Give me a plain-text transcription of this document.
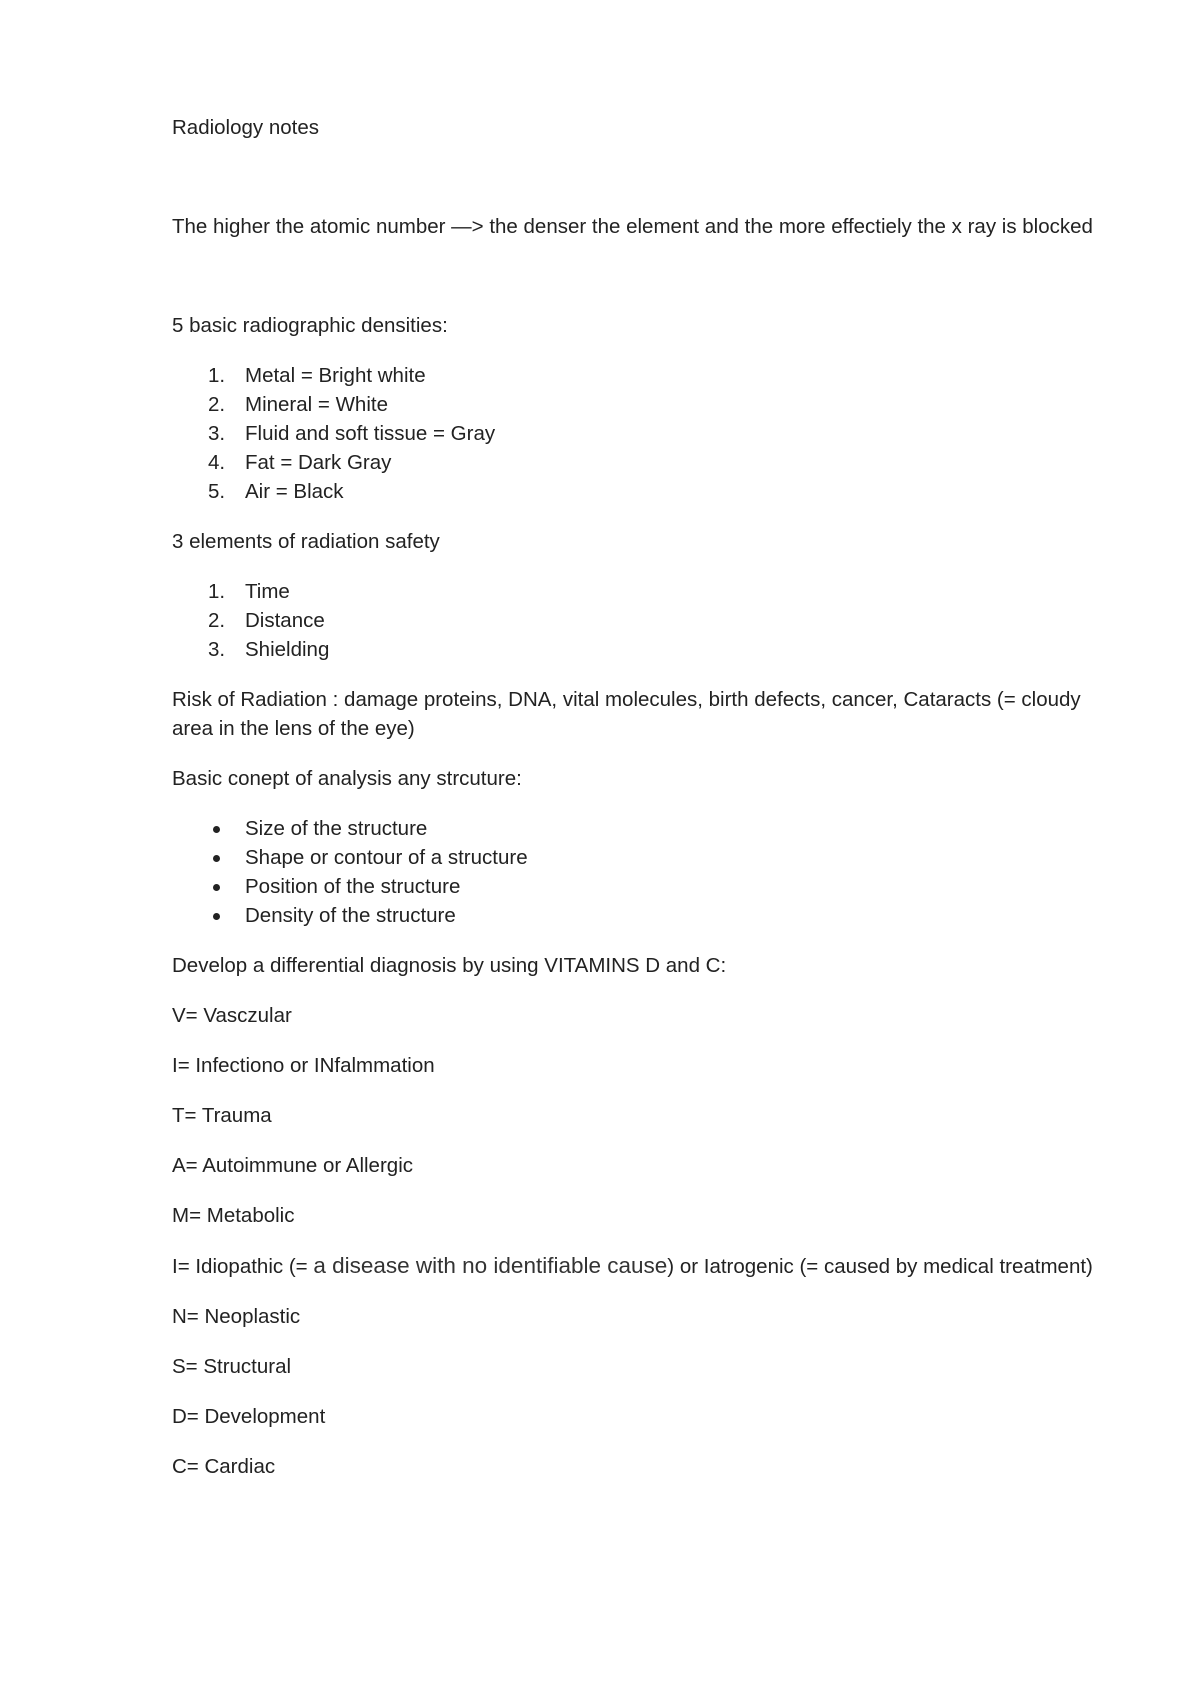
Radiology notes
The higher the atomic number —> the denser the element and the more effectiely the x ray is blocked
5 basic radiographic densities:
1. Metal = Bright white
2. Mineral = White
3. Fluid and soft tissue = Gray
4. Fat = Dark Gray
5. Air = Black
3 elements of radiation safety
1. Time
2. Distance
3. Shielding
Risk of Radiation : damage proteins, DNA, vital molecules, birth defects, cancer, Cataracts (= cloudy area in the lens of the eye)
Basic conept of analysis any strcuture:
Size of the structure
Shape or contour of a structure
Position of the structure
Density of the structure
Develop a differential diagnosis by using VITAMINS D and C:
V= Vasczular
I= Infectiono or INfalmmation
T= Trauma
A= Autoimmune or Allergic
M= Metabolic
I= Idiopathic (= a disease with no identifiable cause) or Iatrogenic (= caused by medical treatment)
N= Neoplastic
S= Structural
D= Development
C= Cardiac
